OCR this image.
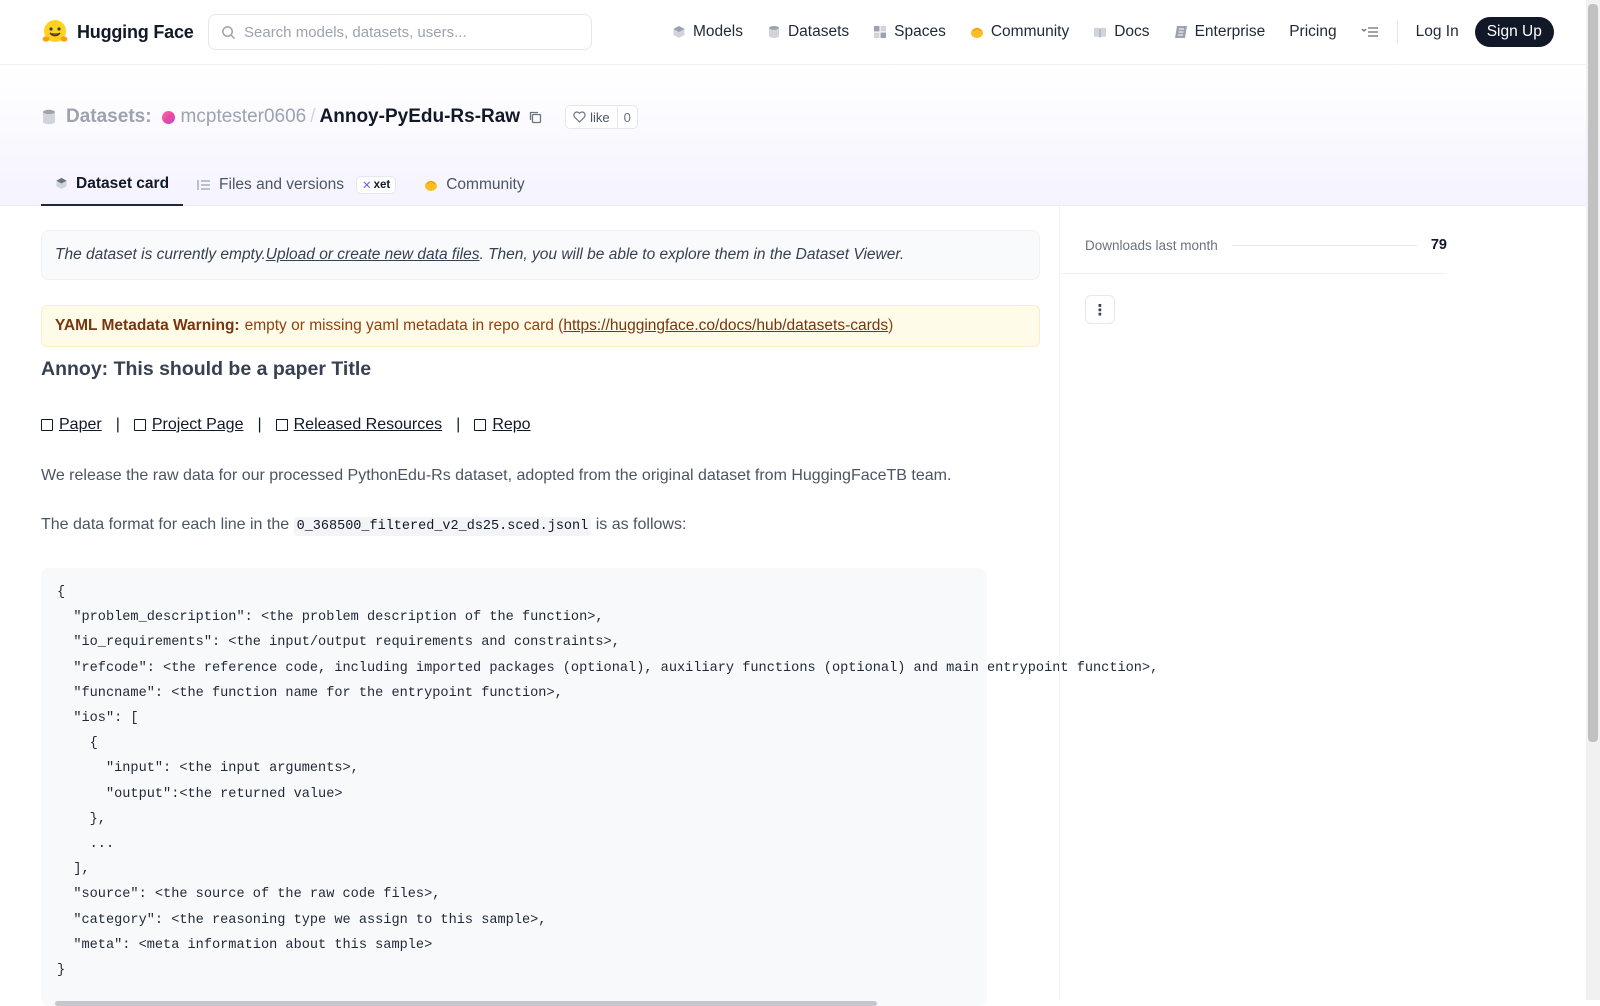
Hugging Face
Search models, datasets, users...	Models	Datasets	Spaces	Community	Docs	Enterprise Pricing	Log In	Sign Up
Datasets: mcptester0606 / Annoy-PyEdu-Rs-Raw	like	0
Dataset card	Files and versions ✕ xet	Community
The dataset is currently empty. Upload or create new data files . Then, you will be able to explore them in the Dataset Viewer.
YAML Metadata Warning: empty or missing yaml metadata in repo card ( https://huggingface.co/docs/hub/datasets-cards )
Annoy: This should be a paper Title
Paper | Project Page | Released Resources | Repo

We release the raw data for our processed PythonEdu-Rs dataset, adopted from the original dataset from HuggingFaceTB team.

The data format for each line in the 0_368500_filtered_v2_ds25.sced.jsonl is as follows:

{
"problem_description": <the problem description of the function>,
"io_requirements": <the input/output requirements and constraints>,
"refcode": <the reference code, including imported packages (optional), auxiliary functions (optional) and main entrypoint function>,
"funcname": <the function name for the entrypoint function>,
"ios": [
{
"input": <the input arguments>,
"output":<the returned value>
},
...
],
"source": <the source of the raw code files>,
"category": <the reasoning type we assign to this sample>,
"meta": <meta information about this sample>
}
Downloads last month	79
⋮
